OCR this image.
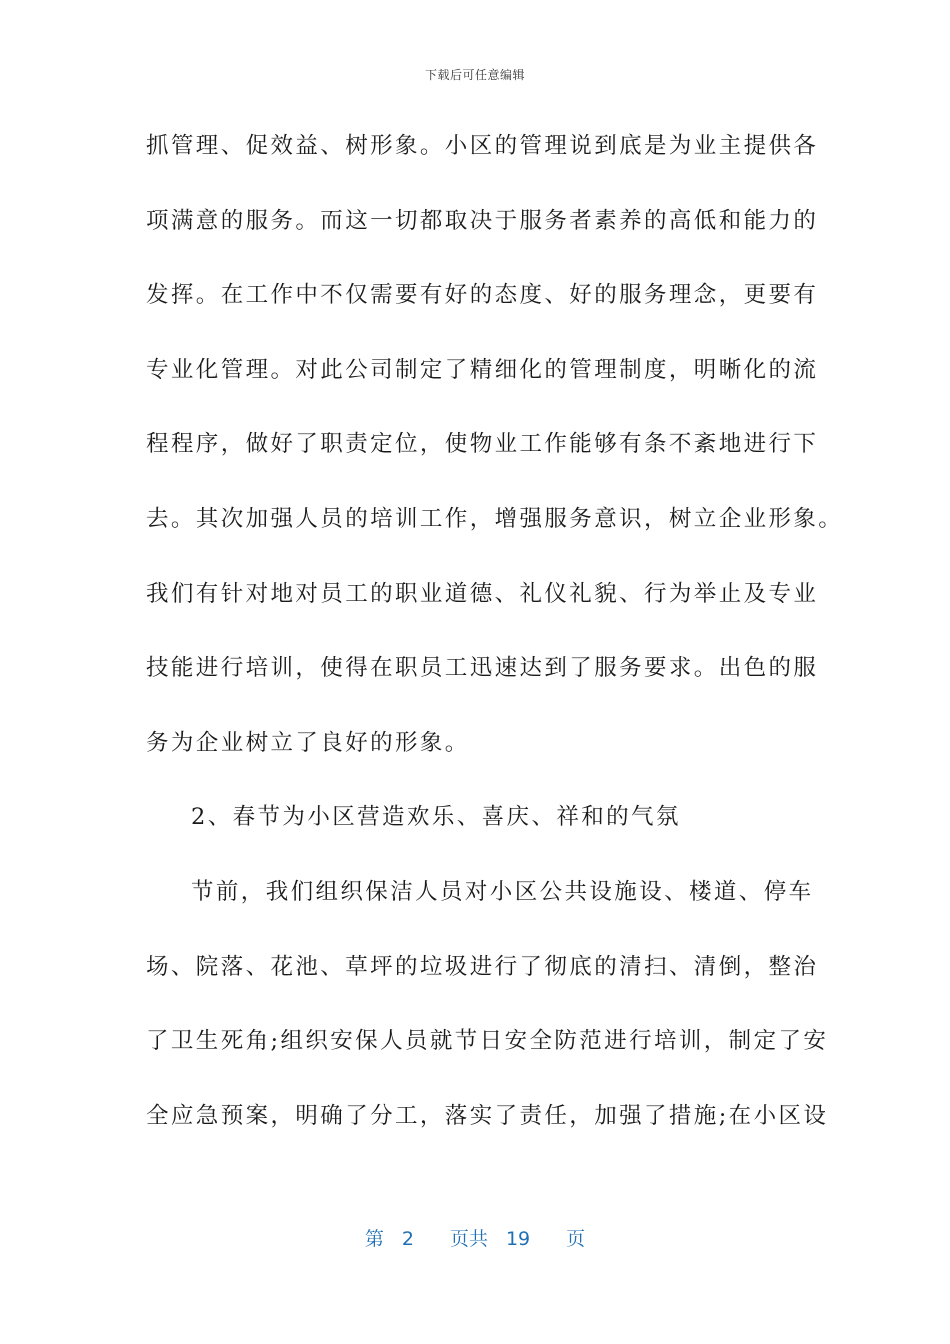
下载后可任意编辑
抓管理、促效益、树形象。小区的管理说到底是为业主提供各
项满意的服务。而这一切都取决于服务者素养的高低和能力的
发挥。在工作中不仅需要有好的态度、好的服务理念，更要有
专业化管理。对此公司制定了精细化的管理制度，明晰化的流
程程序，做好了职责定位，使物业工作能够有条不紊地进行下
去。其次加强人员的培训工作，增强服务意识，树立企业形象。
我们有针对地对员工的职业道德、礼仪礼貌、行为举止及专业
技能进行培训，使得在职员工迅速达到了服务要求。出色的服
务为企业树立了良好的形象。
2、春节为小区营造欢乐、喜庆、祥和的气氛
节前，我们组织保洁人员对小区公共设施设、楼道、停车
场、院落、花池、草坪的垃圾进行了彻底的清扫、清倒，整治
了卫生死角;组织安保人员就节日安全防范进行培训，制定了安
全应急预案，明确了分工，落实了责任，加强了措施;在小区设
第 2 页共 19 页
